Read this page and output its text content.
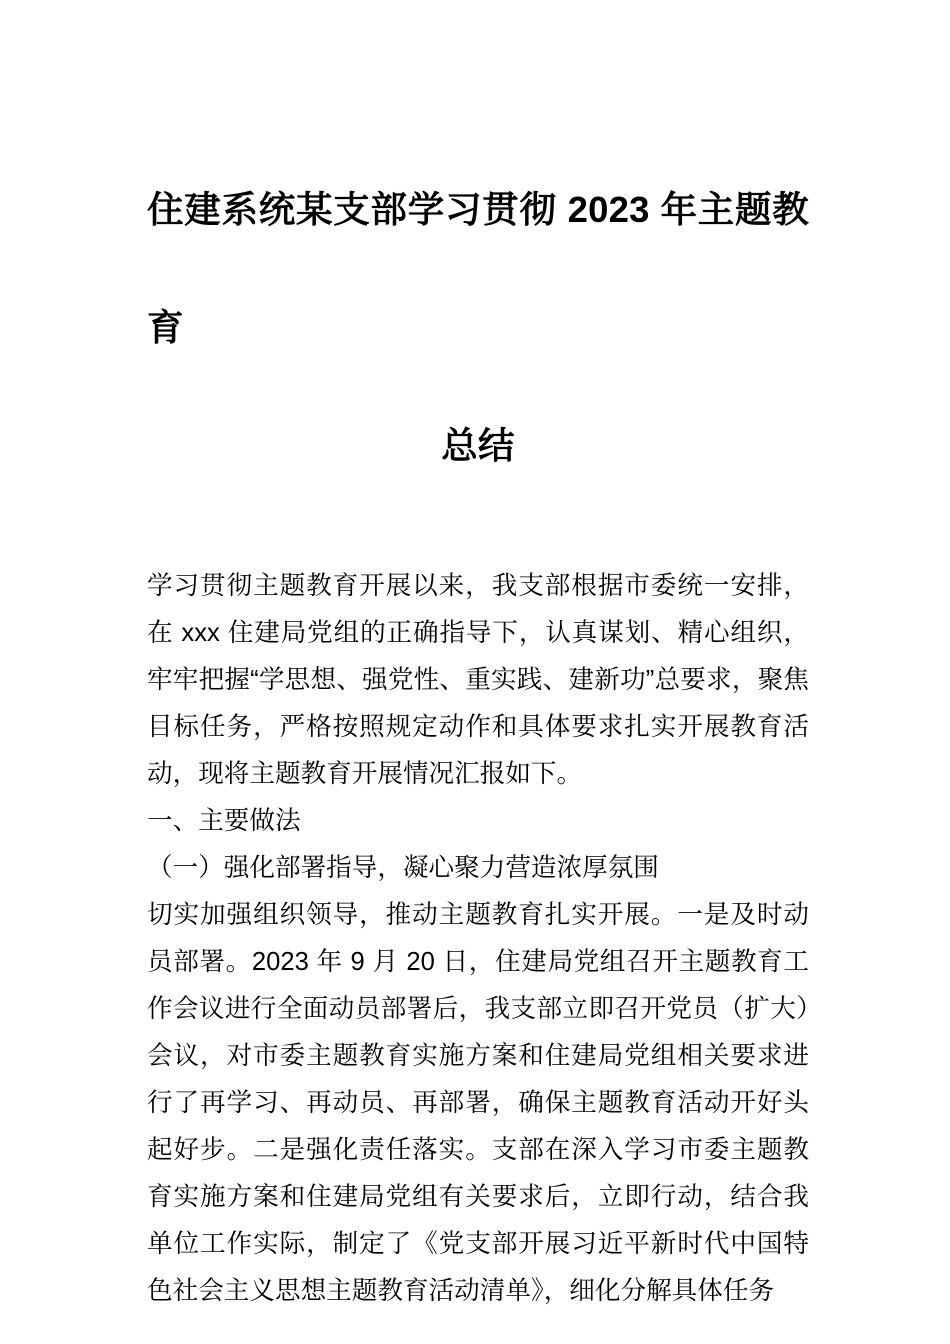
住建系统某支部学习贯彻 2023 年主题教育
总结

学习贯彻主题教育开展以来，我支部根据市委统一安排，在 xxx 住建局党组的正确指导下，认真谋划、精心组织，牢牢把握“学思想、强党性、重实践、建新功”总要求，聚焦目标任务，严格按照规定动作和具体要求扎实开展教育活动，现将主题教育开展情况汇报如下。

一、主要做法

（一）强化部署指导，凝心聚力营造浓厚氛围

切实加强组织领导，推动主题教育扎实开展。一是及时动员部署。2023 年 9 月 20 日，住建局党组召开主题教育工作会议进行全面动员部署后，我支部立即召开党员（扩大）会议，对市委主题教育实施方案和住建局党组相关要求进行了再学习、再动员、再部署，确保主题教育活动开好头起好步。二是强化责任落实。支部在深入学习市委主题教育实施方案和住建局党组有关要求后，立即行动，结合我单位工作实际，制定了《党支部开展习近平新时代中国特色社会主义思想主题教育活动清单》，细化分解具体任务
